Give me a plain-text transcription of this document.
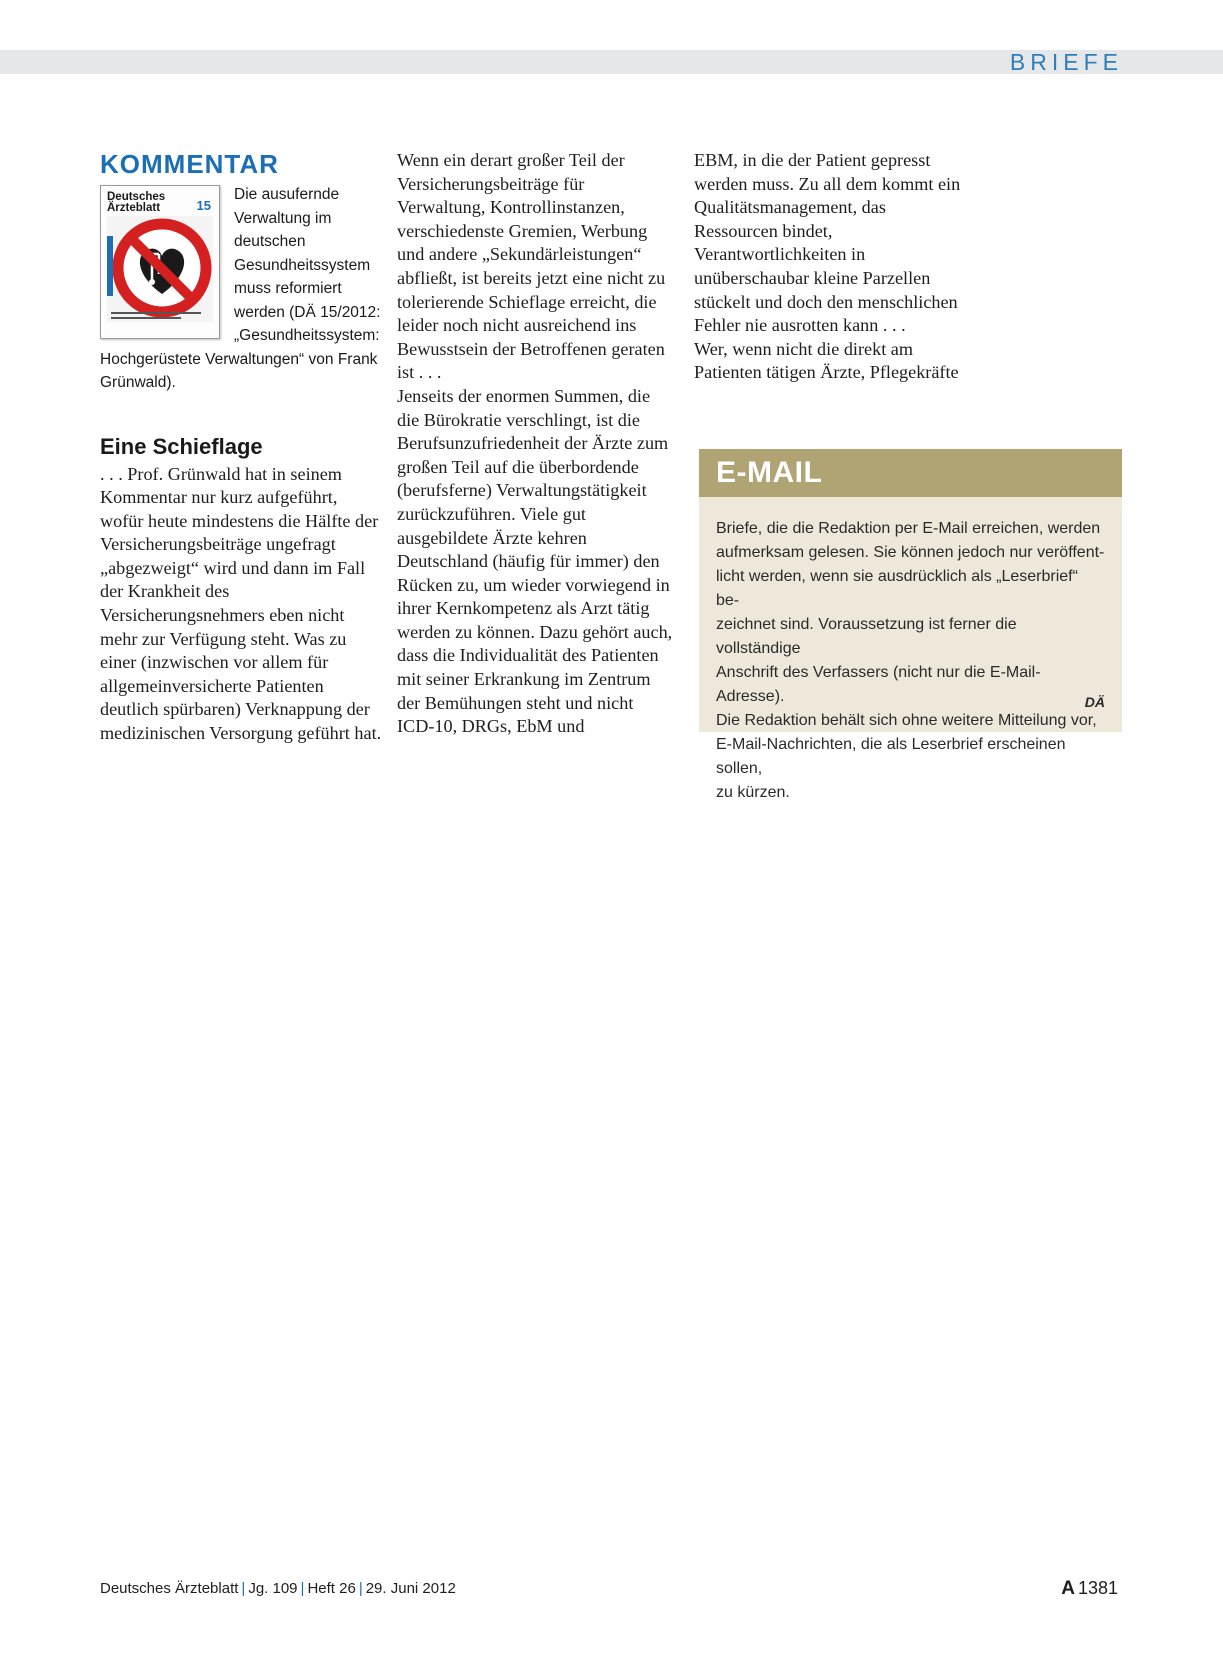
BRIEFE
KOMMENTAR
Deutsches
Ärzteblatt	15
Die ausufernde Verwaltung im deutschen Gesundheitssystem muss reformiert werden (DÄ 15/2012: „Gesundheitssystem: Hochgerüstete Verwaltungen“ von Frank Grünwald).
Eine Schieflage

. . . Prof. Grünwald hat in seinem Kommentar nur kurz aufgeführt, wofür heute mindestens die Hälfte der Versicherungsbeiträge ungefragt „abgezweigt“ wird und dann im Fall der Krankheit des Versicherungsnehmers eben nicht mehr zur Verfügung steht. Was zu einer (inzwischen vor allem für allgemeinversicherte Patienten deutlich spürbaren) Verknappung der medizinischen Versorgung geführt hat.

Wenn ein derart großer Teil der Versicherungsbeiträge für Verwaltung, Kontrollinstanzen, verschiedenste Gremien, Werbung und andere „Sekundärleistungen“ abfließt, ist bereits jetzt eine nicht zu tolerierende Schieflage erreicht, die leider noch nicht ausreichend ins Bewusstsein der Betroffenen geraten ist . . .

Jenseits der enormen Summen, die die Bürokratie verschlingt, ist die Berufsunzufriedenheit der Ärzte zum großen Teil auf die überbordende (berufsferne) Verwaltungstätigkeit zurückzuführen. Viele gut ausgebildete Ärzte kehren Deutschland (häufig für immer) den Rücken zu, um wieder vorwiegend in ihrer Kernkompetenz als Arzt tätig werden zu können. Dazu gehört auch, dass die Individualität des Patienten mit seiner Erkrankung im Zentrum der Bemühungen steht und nicht ICD-10, DRGs, EbM und

EBM, in die der Patient gepresst werden muss. Zu all dem kommt ein Qualitätsmanagement, das Ressourcen bindet, Verantwortlichkeiten in unüberschaubar kleine Parzellen stückelt und doch den menschlichen Fehler nie ausrotten kann . . .

Wer, wenn nicht die direkt am Patienten tätigen Ärzte, Pflegekräfte

E-MAIL
Briefe, die die Redaktion per E-Mail erreichen, werden
aufmerksam gelesen. Sie können jedoch nur veröffent-
licht werden, wenn sie ausdrücklich als „Leserbrief“ be-
zeichnet sind. Voraussetzung ist ferner die vollständige
Anschrift des Verfassers (nicht nur die E-Mail-Adresse).
Die Redaktion behält sich ohne weitere Mitteilung vor,
E-Mail-Nachrichten, die als Leserbrief erscheinen sollen,
zu kürzen.
DÄ
Deutsches Ärzteblatt | Jg. 109 | Heft 26 | 29. Juni 2012	A 1381
